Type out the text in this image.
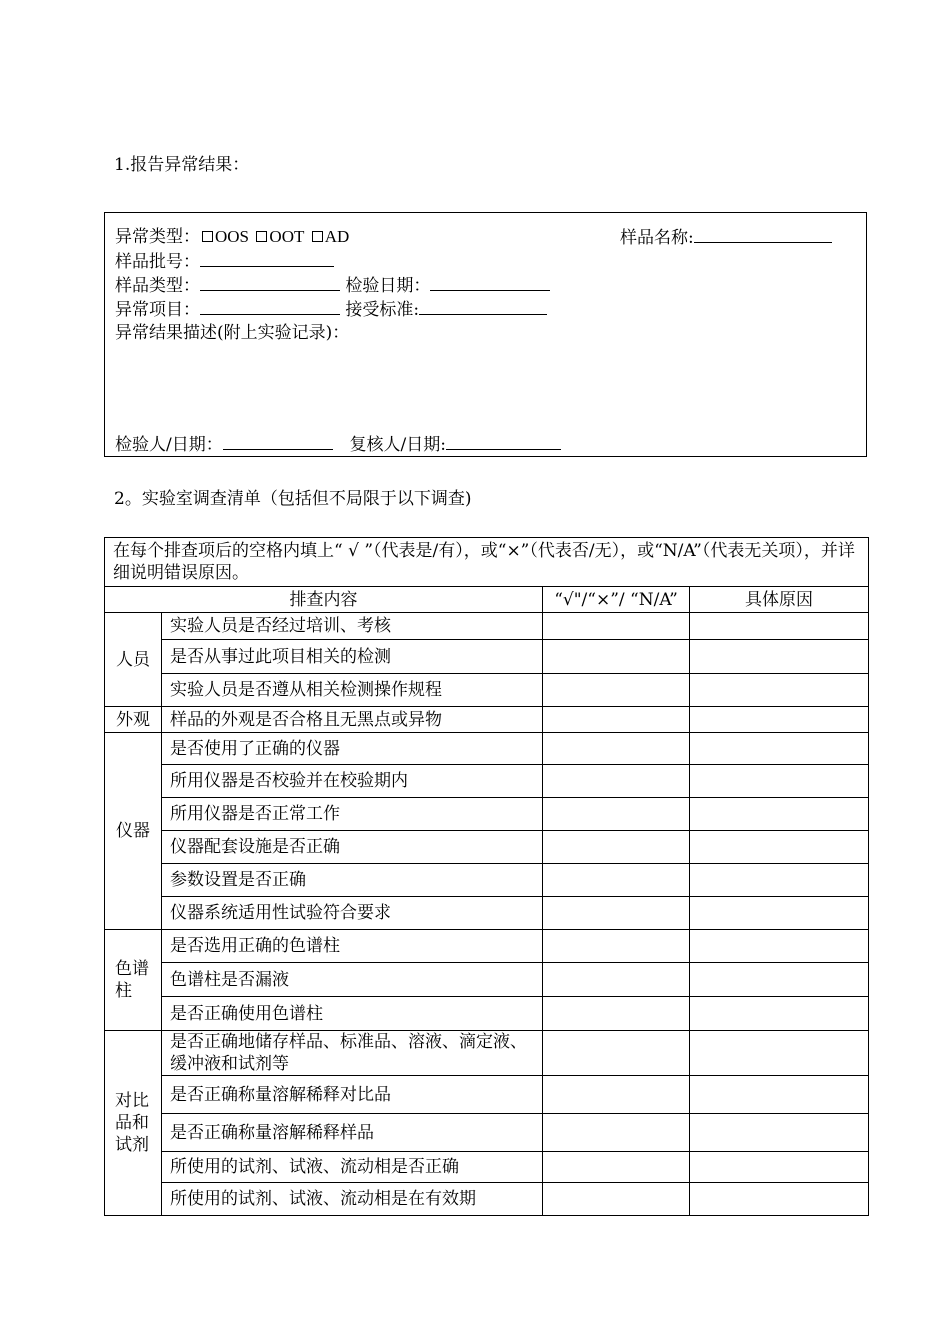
1.报告异常结果：
异常类型： OOS OOT AD	样品名称:
样品批号：
样品类型：	检验日期：
异常项目：	接受标准:
异常结果描述(附上实验记录)：
检验人/日期：	复核人/日期:
2。实验室调查清单（包括但不局限于以下调查)
在每个排查项后的空格内填上“ √ ”（代表是/有），或“×”（代表否/无），或“N/A”（代表无关项），并详细说明错误原因。			
排查内容		“√"/“×”/ “N/A”	具体原因
人员	实验人员是否经过培训、考核		
	是否从事过此项目相关的检测		
	实验人员是否遵从相关检测操作规程		
外观	样品的外观是否合格且无黑点或异物		
仪器	是否使用了正确的仪器		
	所用仪器是否校验并在校验期内		
	所用仪器是否正常工作		
	仪器配套设施是否正确		
	参数设置是否正确		
	仪器系统适用性试验符合要求		
色谱柱	是否选用正确的色谱柱		
	色谱柱是否漏液		
	是否正确使用色谱柱		
对比品和试剂	是否正确地储存样品、标准品、溶液、滴定液、缓冲液和试剂等		
	是否正确称量溶解稀释对比品		
	是否正确称量溶解稀释样品		
	所使用的试剂、试液、流动相是否正确		
	所使用的试剂、试液、流动相是在有效期		
